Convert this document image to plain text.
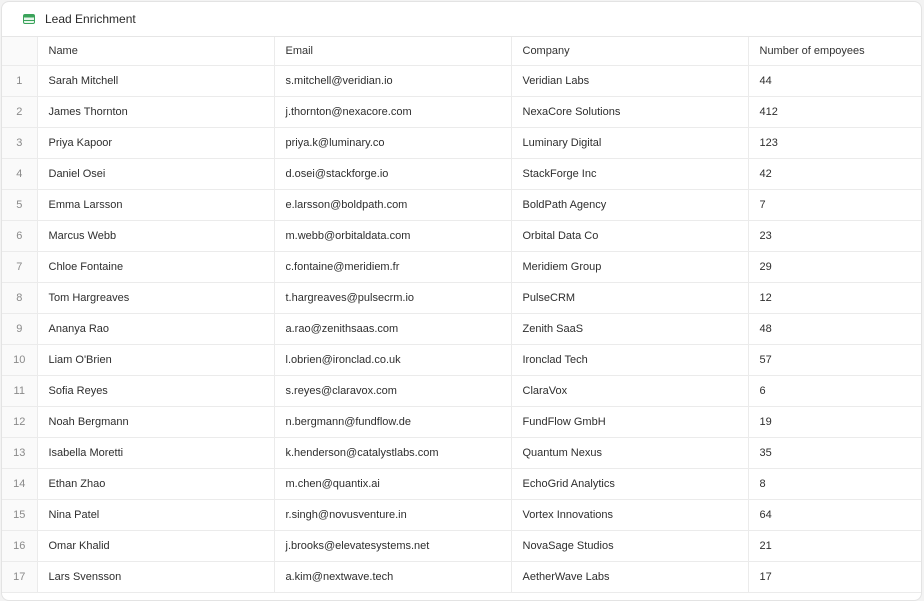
Lead Enrichment
	Name	Email	Company	Number of empoyees
1	Sarah Mitchell	s.mitchell@veridian.io	Veridian Labs	44
2	James Thornton	j.thornton@nexacore.com	NexaCore Solutions	412
3	Priya Kapoor	priya.k@luminary.co	Luminary Digital	123
4	Daniel Osei	d.osei@stackforge.io	StackForge Inc	42
5	Emma Larsson	e.larsson@boldpath.com	BoldPath Agency	7
6	Marcus Webb	m.webb@orbitaldata.com	Orbital Data Co	23
7	Chloe Fontaine	c.fontaine@meridiem.fr	Meridiem Group	29
8	Tom Hargreaves	t.hargreaves@pulsecrm.io	PulseCRM	12
9	Ananya Rao	a.rao@zenithsaas.com	Zenith SaaS	48
10	Liam O'Brien	l.obrien@ironclad.co.uk	Ironclad Tech	57
11	Sofia Reyes	s.reyes@claravox.com	ClaraVox	6
12	Noah Bergmann	n.bergmann@fundflow.de	FundFlow GmbH	19
13	Isabella Moretti	k.henderson@catalystlabs.com	Quantum Nexus	35
14	Ethan Zhao	m.chen@quantix.ai	EchoGrid Analytics	8
15	Nina Patel	r.singh@novusventure.in	Vortex Innovations	64
16	Omar Khalid	j.brooks@elevatesystems.net	NovaSage Studios	21
17	Lars Svensson	a.kim@nextwave.tech	AetherWave Labs	17
